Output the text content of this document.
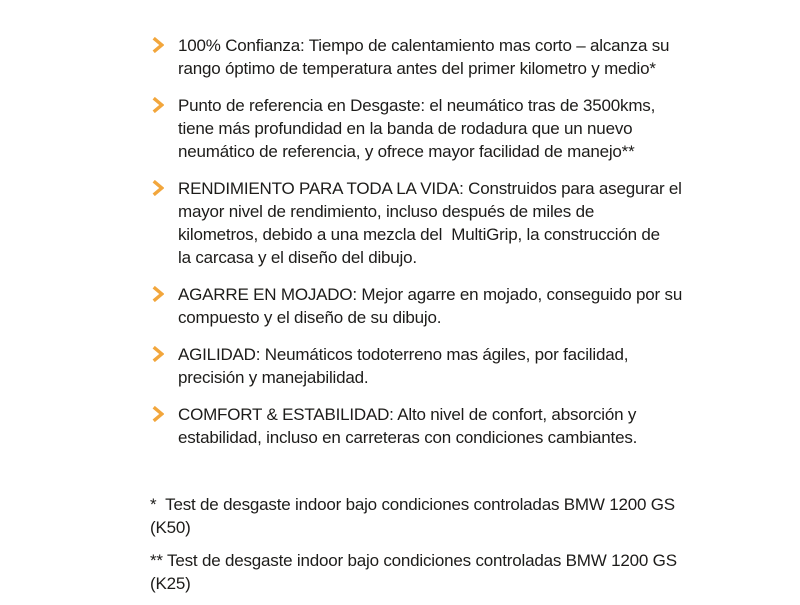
100% Confianza: Tiempo de calentamiento mas corto – alcanza su
rango óptimo de temperatura antes del primer kilometro y medio*
Punto de referencia en Desgaste: el neumático tras de 3500kms,
tiene más profundidad en la banda de rodadura que un nuevo
neumático de referencia, y ofrece mayor facilidad de manejo**
RENDIMIENTO PARA TODA LA VIDA: Construidos para asegurar el
mayor nivel de rendimiento, incluso después de miles de
kilometros, debido a una mezcla del  MultiGrip, la construcción de
la carcasa y el diseño del dibujo.
AGARRE EN MOJADO: Mejor agarre en mojado, conseguido por su
compuesto y el diseño de su dibujo.
AGILIDAD: Neumáticos todoterreno mas ágiles, por facilidad,
precisión y manejabilidad.
COMFORT & ESTABILIDAD: Alto nivel de confort, absorción y
estabilidad, incluso en carreteras con condiciones cambiantes.

*  Test de desgaste indoor bajo condiciones controladas BMW 1200 GS
(K50)

** Test de desgaste indoor bajo condiciones controladas BMW 1200 GS
(K25)
